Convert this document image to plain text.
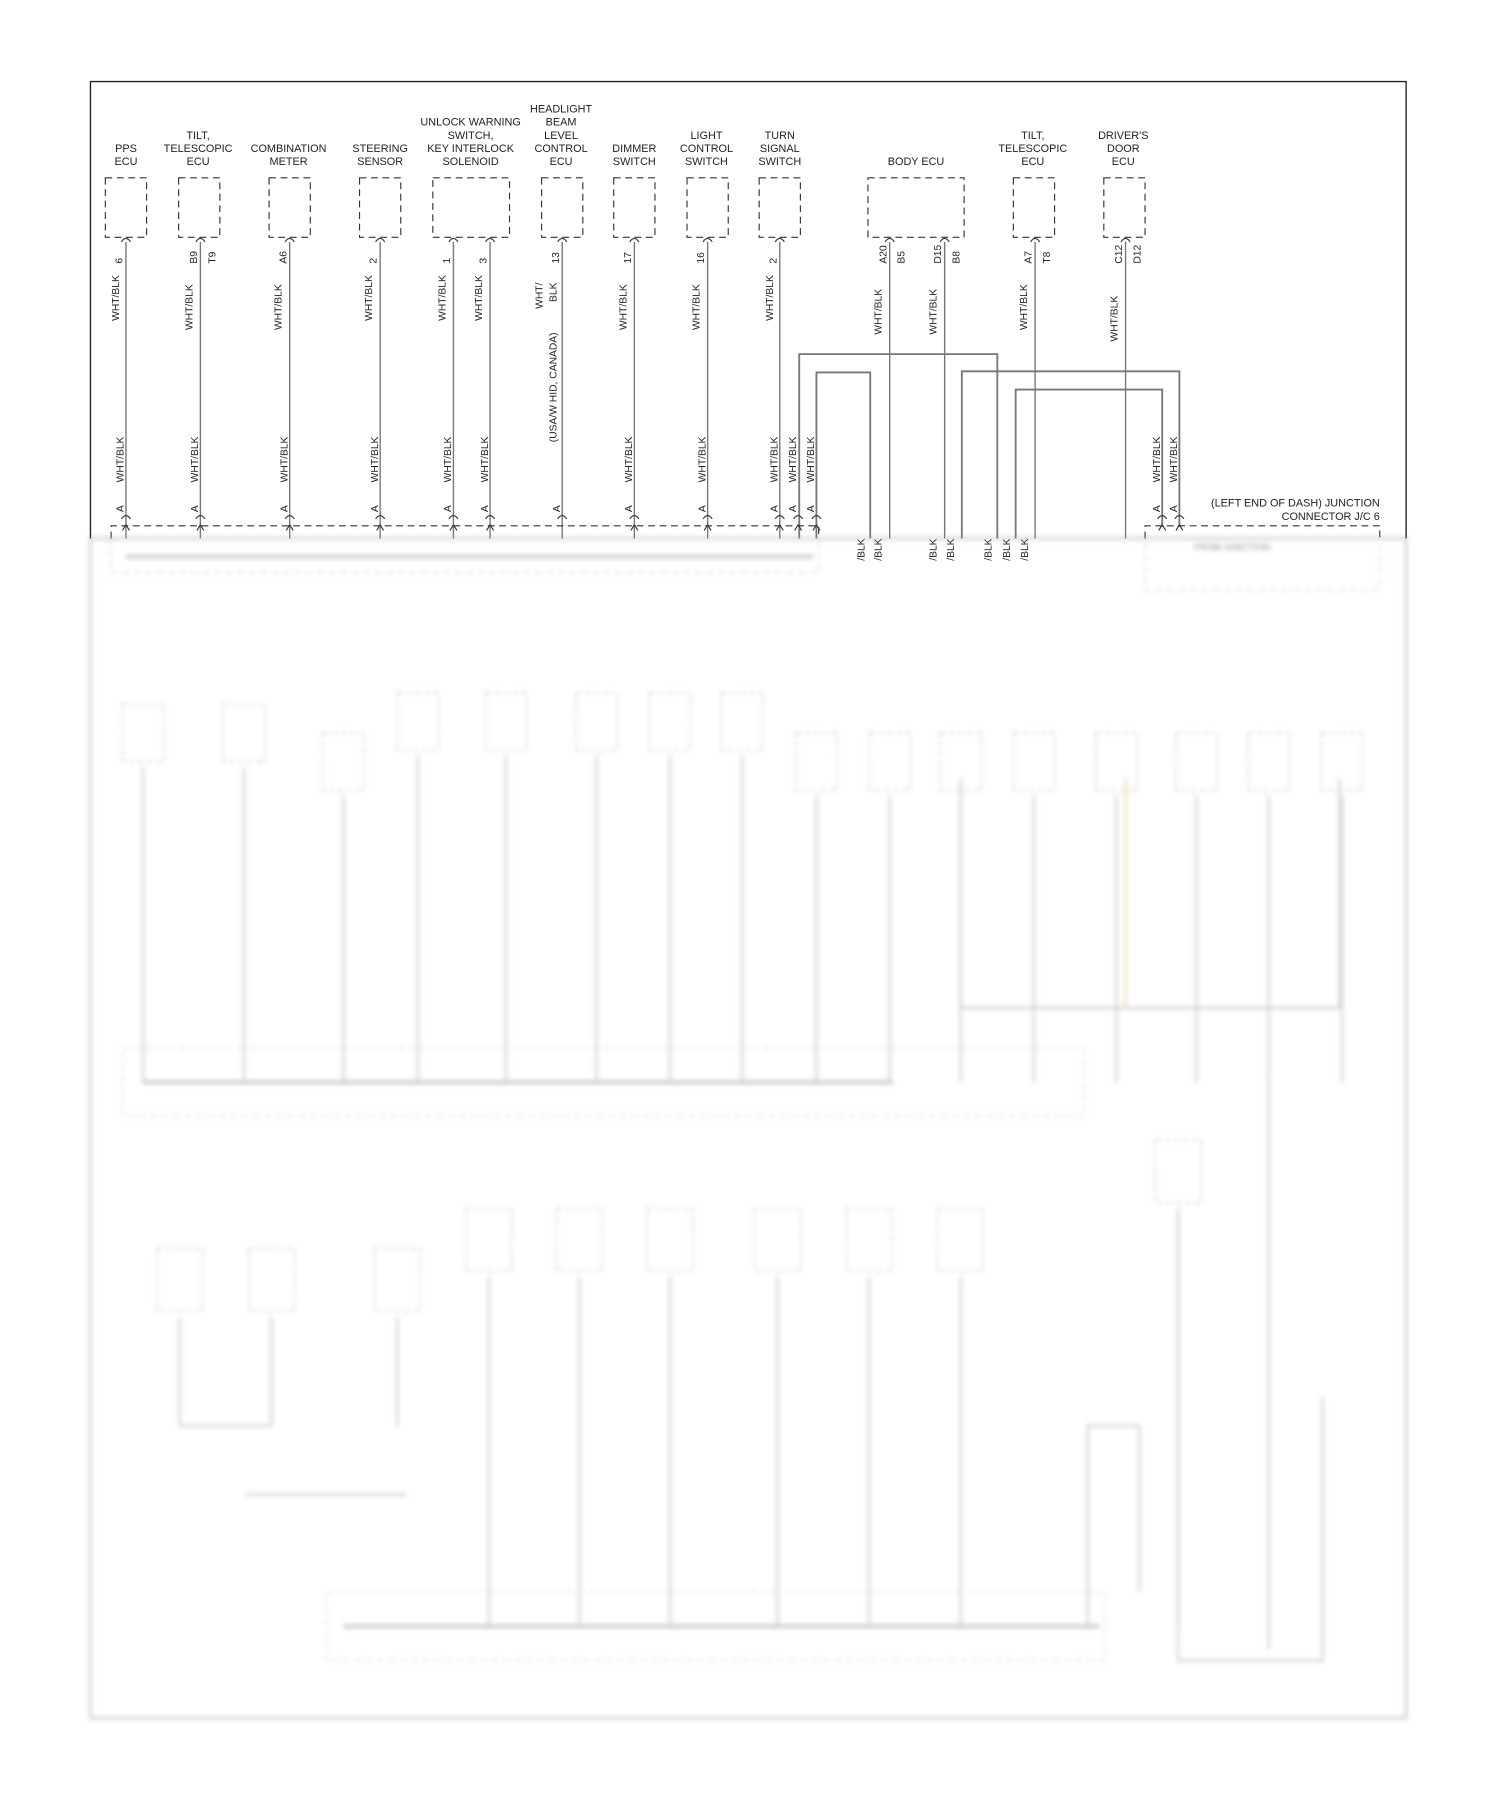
PPS
ECU
6
TILT,
TELESCOPIC
ECU
B9 T9
COMBINATION
METER
A6
STEERING
SENSOR
2
UNLOCK WARNING
SWITCH,
KEY INTERLOCK
SOLENOID
1	3
HEADLIGHT
BEAM
LEVEL
CONTROL
ECU
13
DIMMER
SWITCH
17
LIGHT
CONTROL
SWITCH
16
TURN
SIGNAL
SWITCH
2
BODY ECU
A20 B5	D15 B8
TILT,
TELESCOPIC
ECU
A7 T8
DRIVER'S
DOOR
ECU
C12 D12
WHT/BLK	WHT/BLK	WHT/BLK	WHT/BLK	WHT/BLK	WHT/BLK	WHT/BLK	WHT/BLK	WHT/BLK	WHT/BLK	WHT/BLK	WHT/BLK	WHT/BLK
WHT/ BLK
(USA/W HID, CANADA)
WHT/BLK
A
WHT/BLK
A
WHT/BLK
A
WHT/BLK
A
WHT/BLK
A
WHT/BLK
A
WHT/BLK
A
WHT/BLK
A
WHT/BLK
A
WHT/BLK
A
WHT/BLK
A
WHT/BLK
A
WHT/BLK
A
A
/BLK /BLK	/BLK /BLK	/BLK /BLK /BLK
(LEFT END OF DASH) JUNCTION
CONNECTOR J/C 6
FROM JUNCTION
